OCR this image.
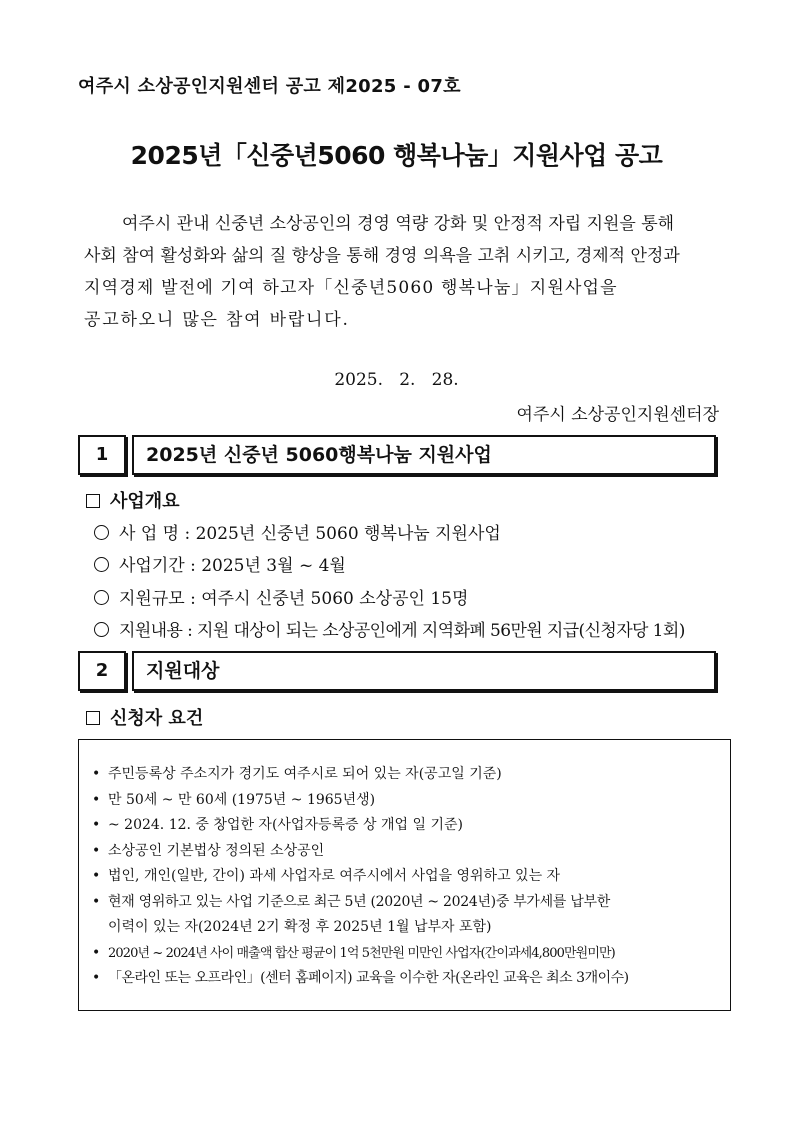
여주시 소상공인지원센터 공고 제2025 - 07호
2025년「신중년5060 행복나눔」지원사업 공고

여주시 관내 신중년 소상공인의 경영 역량 강화 및 안정적 자립 지원을 통해

사회 참여 활성화와 삶의 질 향상을 통해 경영 의욕을 고취 시키고, 경제적 안정과

지역경제 발전에 기여 하고자「신중년5060 행복나눔」지원사업을

공고하오니 많은 참여 바랍니다.

2025.   2.   28.
여주시 소상공인지원센터장
1	2025년 신중년 5060행복나눔 지원사업
사업개요
사 업 명 : 2025년 신중년 5060 행복나눔 지원사업
사업기간 : 2025년 3월 ~ 4월
지원규모 : 여주시 신중년 5060 소상공인 15명
지원내용 : 지원 대상이 되는 소상공인에게 지역화폐 56만원 지급(신청자당 1회)
2	지원대상
신청자 요건
• 주민등록상 주소지가 경기도 여주시로 되어 있는 자(공고일 기준)
• 만 50세 ~ 만 60세 (1975년 ~ 1965년생)
• ~ 2024. 12. 중 창업한 자(사업자등록증 상 개업 일 기준)
• 소상공인 기본법상 정의된 소상공인
• 법인, 개인(일반, 간이) 과세 사업자로 여주시에서 사업을 영위하고 있는 자
• 현재 영위하고 있는 사업 기준으로 최근 5년 (2020년 ~ 2024년)중 부가세를 납부한
이력이 있는 자(2024년 2기 확정 후 2025년 1월 납부자 포함)
• 2020년 ~ 2024년 사이 매출액 합산 평균이 1억 5천만원 미만인 사업자(간이과세4,800만원미만)
• 「온라인 또는 오프라인」(센터 홈페이지) 교육을 이수한 자(온라인 교육은 최소 3개이수)
